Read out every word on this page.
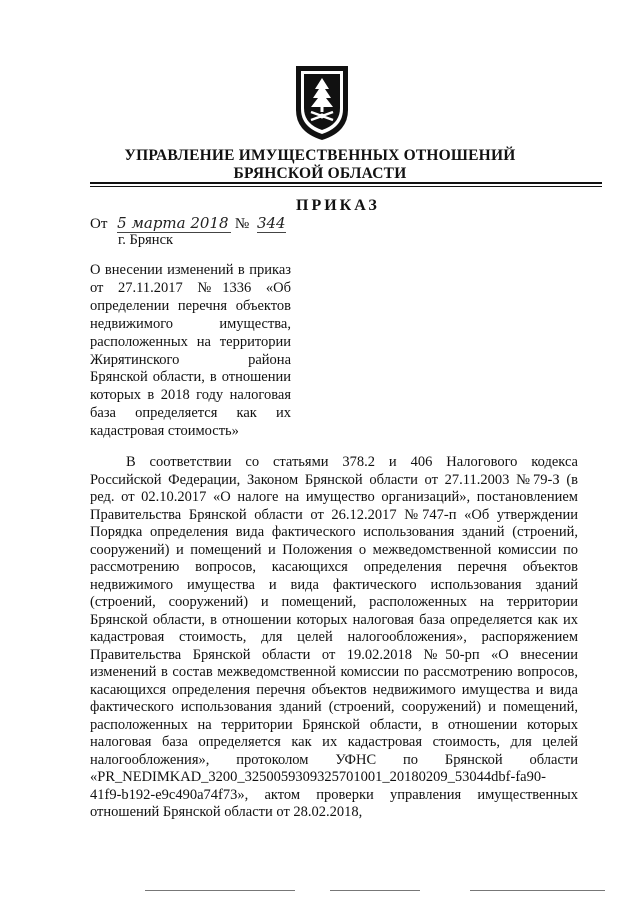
УПРАВЛЕНИЕ ИМУЩЕСТВЕННЫХ ОТНОШЕНИЙ
БРЯНСКОЙ ОБЛАСТИ
ПРИКАЗ
От 5 марта 2018 № 344
г. Брянск
О внесении изменений в приказ
от 27.11.2017 №1336 «Об
определении перечня объектов
недвижимого имущества,
расположенных на территории
Жирятинского района
Брянской области, в отношении
которых в 2018 году налоговая
база определяется как их
кадастровая стоимость»
В соответствии со статьями 378.2 и 406 Налогового кодекса
Российской Федерации, Законом Брянской области от 27.11.2003 №79-З (в
ред. от 02.10.2017 «О налоге на имущество организаций», постановлением
Правительства Брянской области от 26.12.2017 №747-п «Об утверждении
Порядка определения вида фактического использования зданий (строений,
сооружений) и помещений и Положения о межведомственной комиссии по
рассмотрению вопросов, касающихся определения перечня объектов
недвижимого имущества и вида фактического использования зданий
(строений, сооружений) и помещений, расположенных на территории
Брянской области, в отношении которых налоговая база определяется как их
кадастровая стоимость, для целей налогообложения», распоряжением
Правительства Брянской области от 19.02.2018 №50-рп «О внесении
изменений в состав межведомственной комиссии по рассмотрению вопросов,
касающихся определения перечня объектов недвижимого имущества и вида
фактического использования зданий (строений, сооружений) и помещений,
расположенных на территории Брянской области, в отношении которых
налоговая база определяется как их кадастровая стоимость, для целей
налогообложения», протоколом УФНС по Брянской области
«PR_NEDIMKAD_3200_3250059309325701001_20180209_53044dbf-fa90-
41f9-b192-e9c490a74f73», актом проверки управления имущественных
отношений Брянской области от 28.02.2018,
